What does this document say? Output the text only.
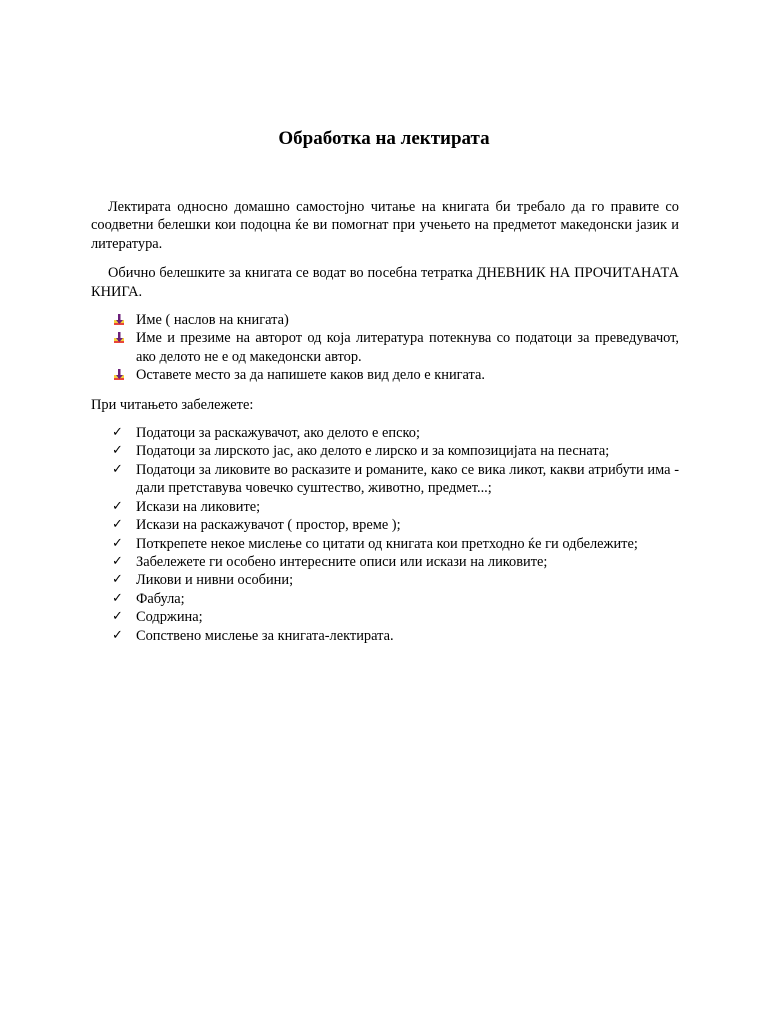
Обработка на лектирата

Лектирата односно домашно самостојно читање на книгата би требало да го правите со соодветни белешки кои подоцна ќе ви помогнат при учењето на предметот македонски јазик и литература.

Обично белешките за книгата се водат во посебна тетратка ДНЕВНИК НА ПРОЧИТАНАТА КНИГА.

Име ( наслов на книгата)
Име и презиме на авторот од која литература потекнува со податоци за преведувачот, ако делото не е од македонски автор.
Оставете место за да напишете каков вид дело е книгата.

При читањето забележете:

✓ Податоци за раскажувачот, ако делото е епско;
✓ Податоци за лирското јас, ако делото е лирско и за композицијата на песната;
✓ Податоци за ликовите во расказите и романите, како се вика ликот, какви атрибути има - дали претставува човечко суштество, животно, предмет...;
✓ Искази на ликовите;
✓ Искази на раскажувачот ( простор, време );
✓ Поткрепете некое мислење со цитати од книгата кои претходно ќе ги одбележите;
✓ Забележете ги особено интересните описи или искази на ликовите;
✓ Ликови и нивни особини;
✓ Фабула;
✓ Содржина;
✓ Сопствено мислење за книгата-лектирата.
